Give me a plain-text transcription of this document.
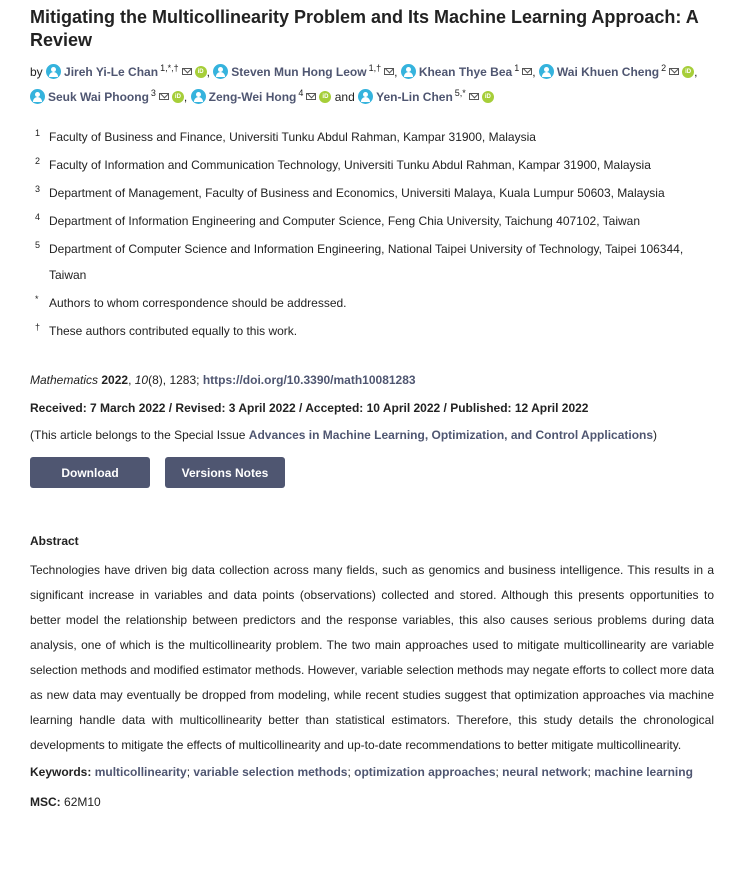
Mitigating the Multicollinearity Problem and Its Machine Learning Approach: A Review
by Jireh Yi-Le Chan $^{1,*,\dagger}$	iD , Steven Mun Hong Leow $^{1,\dagger}$ , Khean Thye Bea $^1$ , Wai Khuen Cheng $^2$	iD ,
Seuk Wai Phoong $^3$	iD , Zeng-Wei Hong $^4$	iD and Yen-Lin Chen $^{5,*}$	iD
1 Faculty of Business and Finance, Universiti Tunku Abdul Rahman, Kampar 31900, Malaysia
2 Faculty of Information and Communication Technology, Universiti Tunku Abdul Rahman, Kampar 31900, Malaysia
3 Department of Management, Faculty of Business and Economics, Universiti Malaya, Kuala Lumpur 50603, Malaysia
4 Department of Information Engineering and Computer Science, Feng Chia University, Taichung 407102, Taiwan
5 Department of Computer Science and Information Engineering, National Taipei University of Technology, Taipei 106344, Taiwan
* Authors to whom correspondence should be addressed.
† These authors contributed equally to this work.
Mathematics 2022, 10(8), 1283; https://doi.org/10.3390/math10081283
Received: 7 March 2022 / Revised: 3 April 2022 / Accepted: 10 April 2022 / Published: 12 April 2022
(This article belongs to the Special Issue Advances in Machine Learning, Optimization, and Control Applications)
Download	Versions Notes
Abstract
Technologies have driven big data collection across many fields, such as genomics and business intelligence. This results in a significant increase in variables and data points (observations) collected and stored. Although this presents opportunities to better model the relationship between predictors and the response variables, this also causes serious problems during data analysis, one of which is the multicollinearity problem. The two main approaches used to mitigate multicollinearity are variable selection methods and modified estimator methods. However, variable selection methods may negate efforts to collect more data as new data may eventually be dropped from modeling, while recent studies suggest that optimization approaches via machine learning handle data with multicollinearity better than statistical estimators. Therefore, this study details the chronological developments to mitigate the effects of multicollinearity and up-to-date recommendations to better mitigate multicollinearity.
Keywords: multicollinearity; variable selection methods; optimization approaches; neural network; machine learning
MSC: 62M10
